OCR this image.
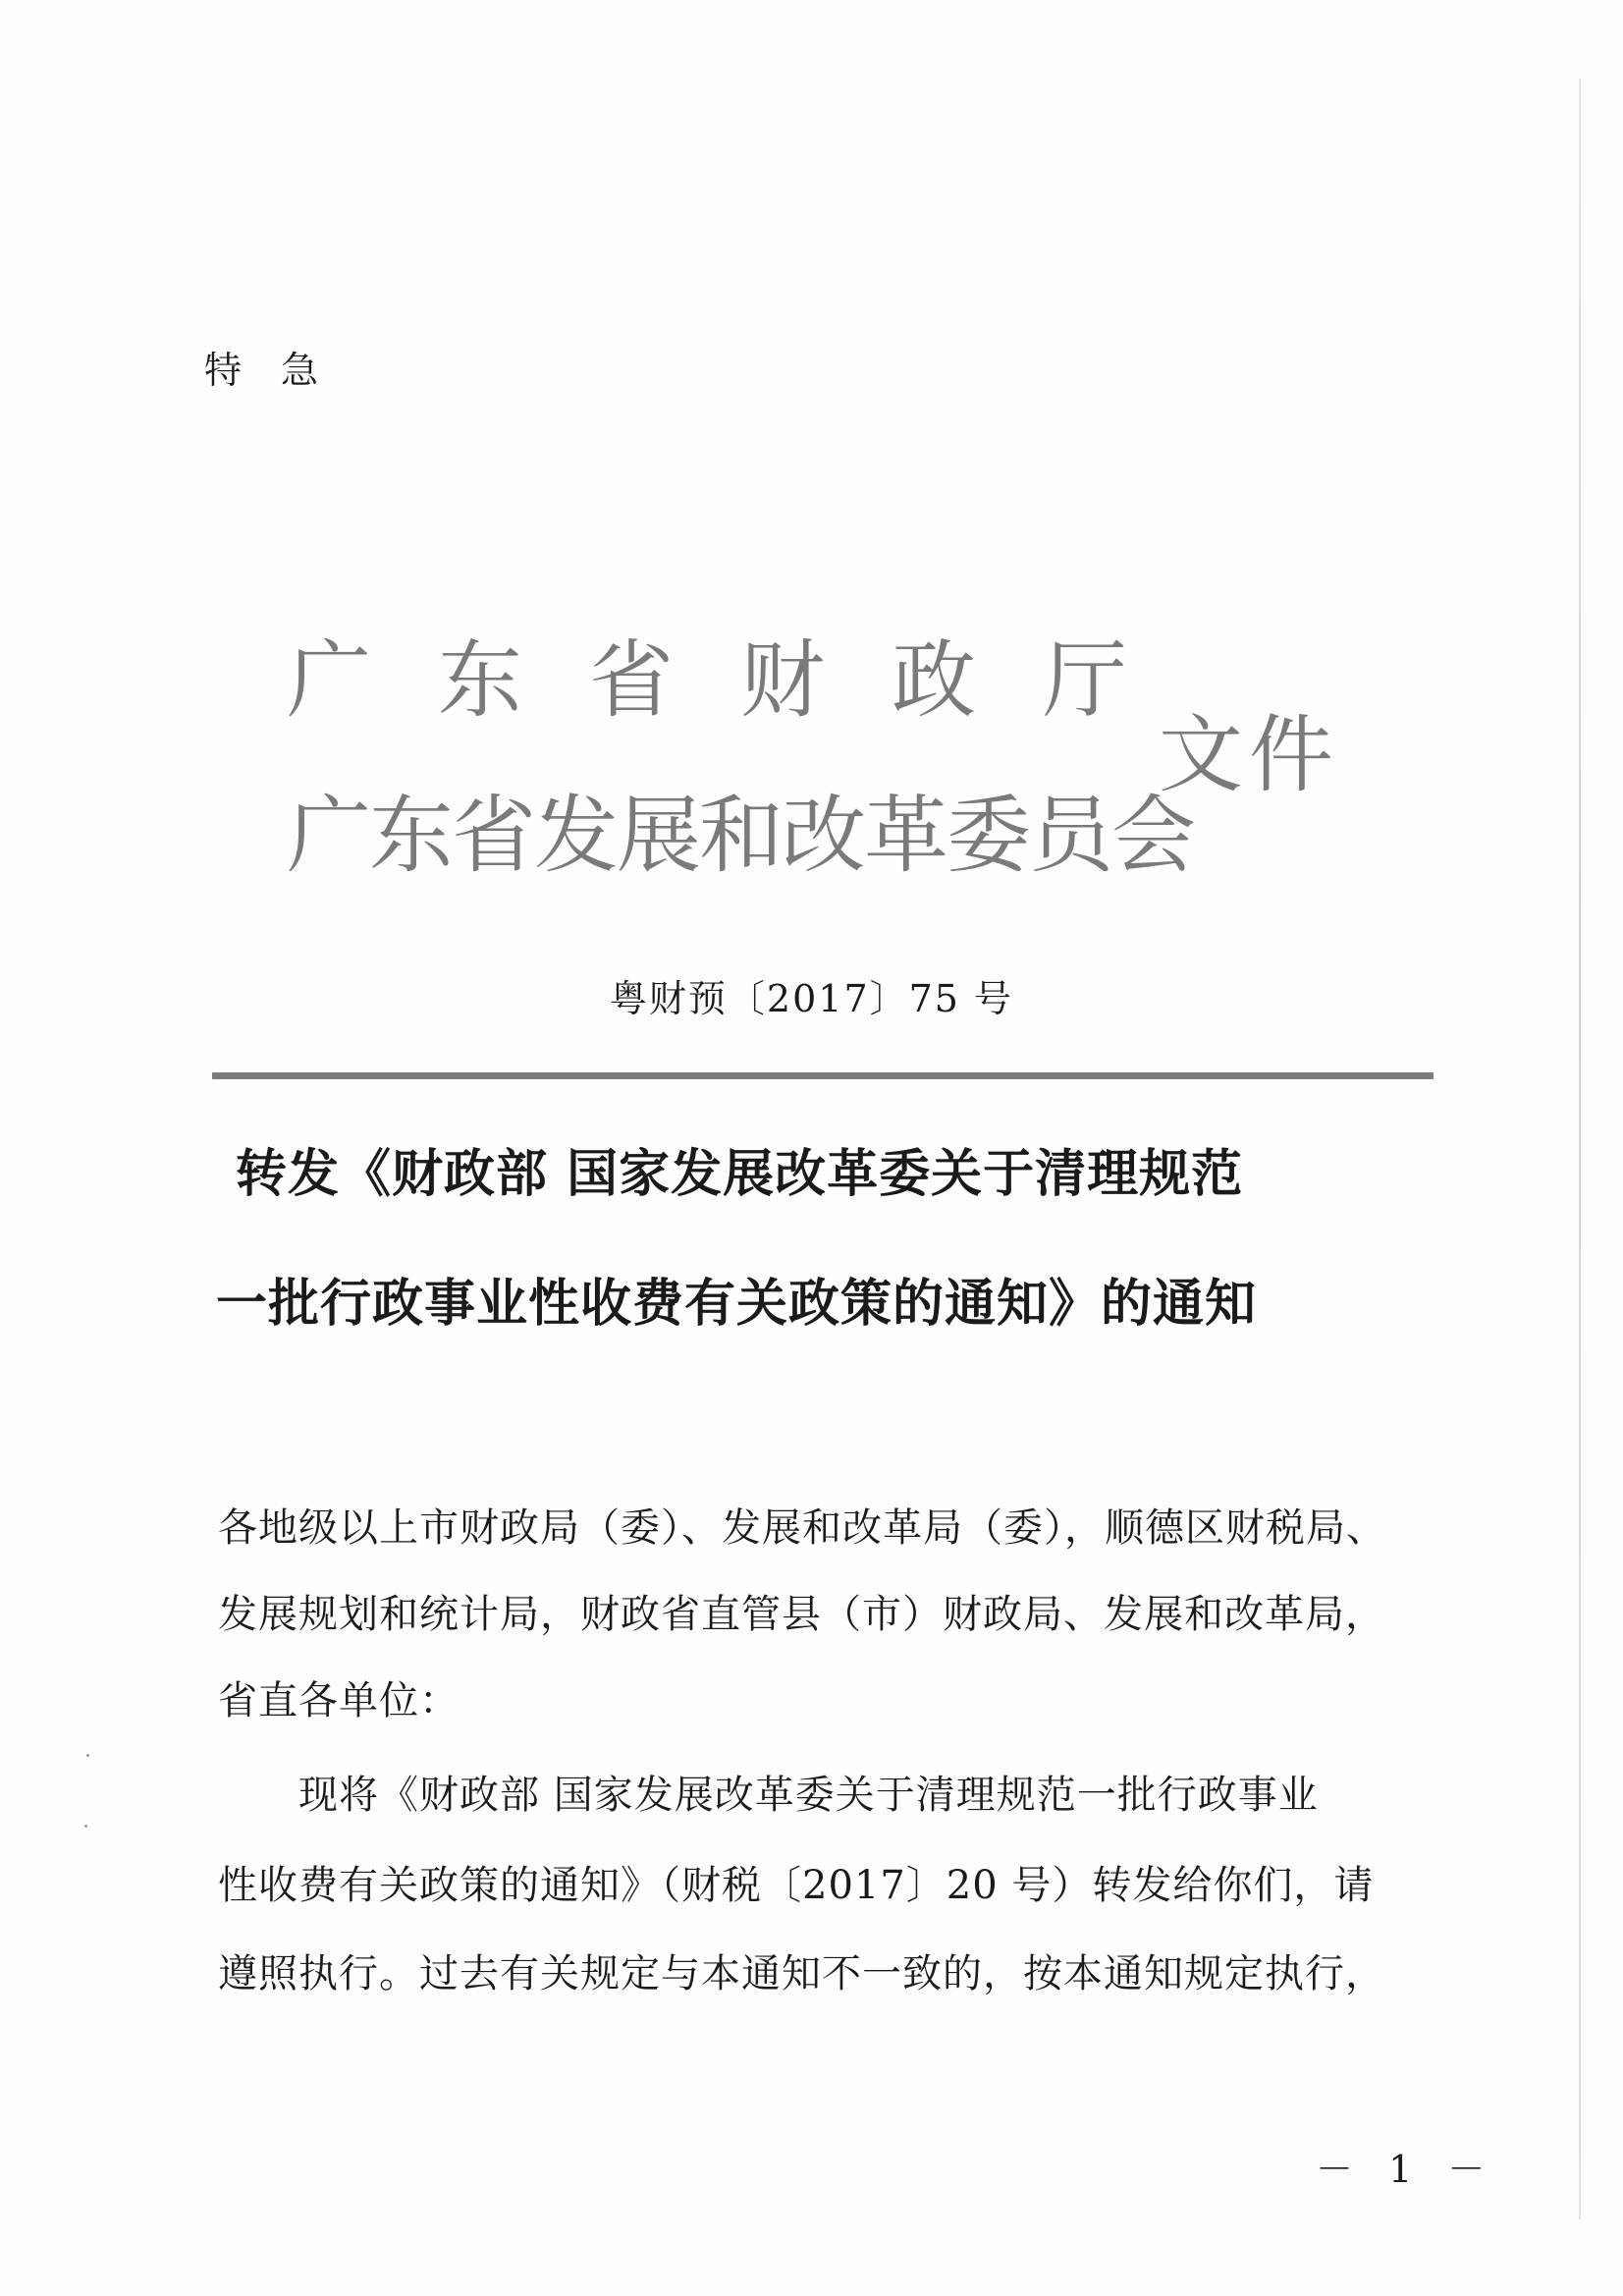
特急
广东省财政厅
广东省发展和改革委员会
文件
粤财预〔2017〕75 号
转发《财政部 国家发展改革委关于清理规范
一批行政事业性收费有关政策的通知》的通知
各地级以上市财政局（委）、发展和改革局（委），顺德区财税局、
发展规划和统计局，财政省直管县（市）财政局、发展和改革局，
省直各单位：
现将《财政部 国家发展改革委关于清理规范一批行政事业
性收费有关政策的通知》（财税〔2017〕20 号）转发给你们，请
遵照执行。过去有关规定与本通知不一致的，按本通知规定执行，
－ 1 －
